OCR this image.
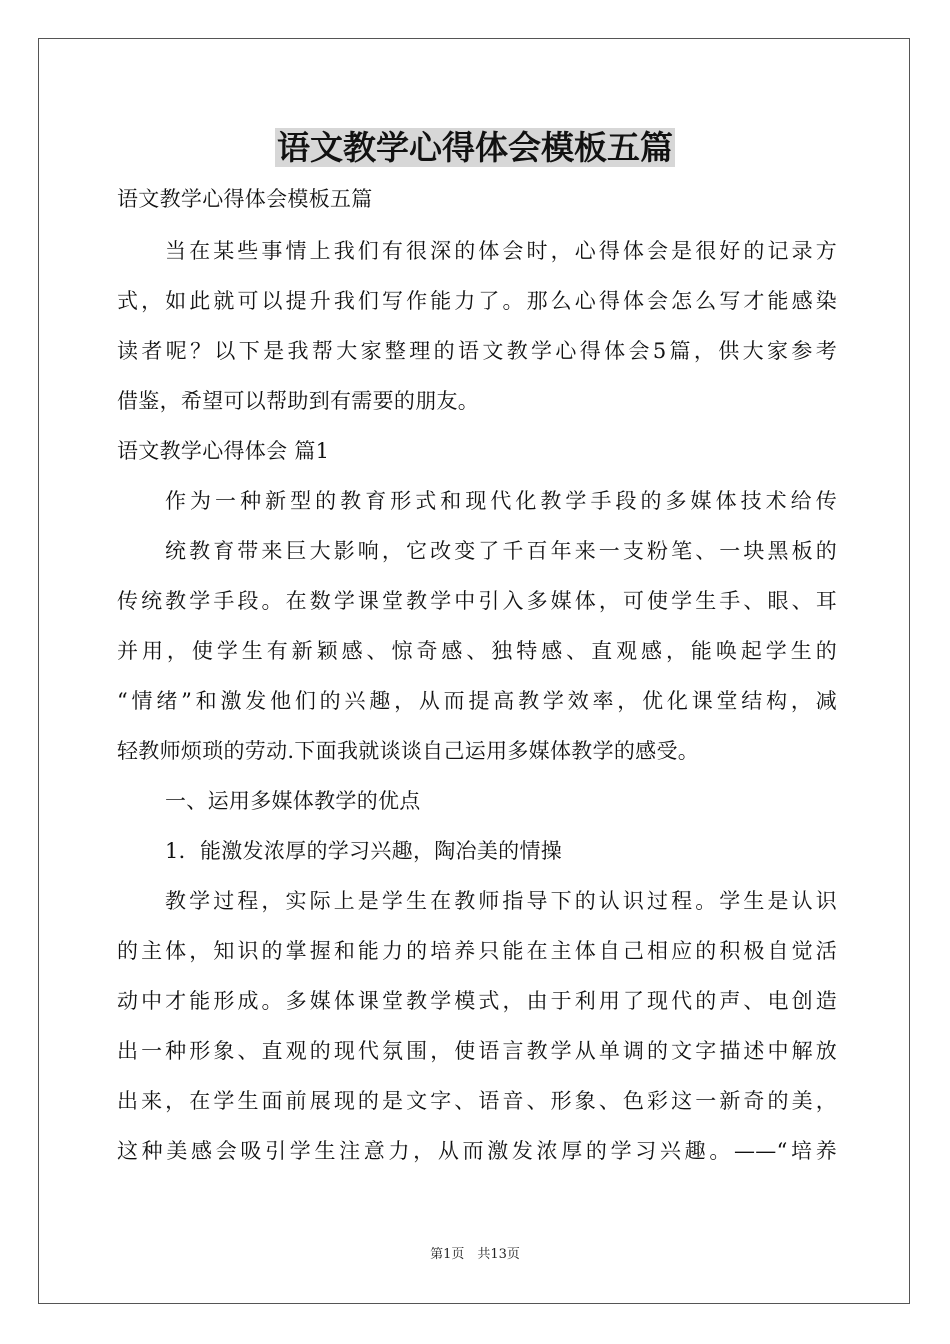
语文教学心得体会模板五篇
语文教学心得体会模板五篇
当在某些事情上我们有很深的体会时，心得体会是很好的记录方
式，如此就可以提升我们写作能力了。那么心得体会怎么写才能感染
读者呢？以下是我帮大家整理的语文教学心得体会5篇，供大家参考
借鉴，希望可以帮助到有需要的朋友。
语文教学心得体会 篇1
作为一种新型的教育形式和现代化教学手段的多媒体技术给传
统教育带来巨大影响，它改变了千百年来一支粉笔、一块黑板的
传统教学手段。在数学课堂教学中引入多媒体，可使学生手、眼、耳
并用，使学生有新颖感、惊奇感、独特感、直观感，能唤起学生的
“情绪”和激发他们的兴趣，从而提高教学效率，优化课堂结构，减
轻教师烦琐的劳动.下面我就谈谈自己运用多媒体教学的感受。
一、运用多媒体教学的优点
1．能激发浓厚的学习兴趣，陶冶美的情操
教学过程，实际上是学生在教师指导下的认识过程。学生是认识
的主体，知识的掌握和能力的培养只能在主体自己相应的积极自觉活
动中才能形成。多媒体课堂教学模式，由于利用了现代的声、电创造
出一种形象、直观的现代氛围，使语言教学从单调的文字描述中解放
出来，在学生面前展现的是文字、语音、形象、色彩这一新奇的美，
这种美感会吸引学生注意力，从而激发浓厚的学习兴趣。——“培养
第1页　共13页
